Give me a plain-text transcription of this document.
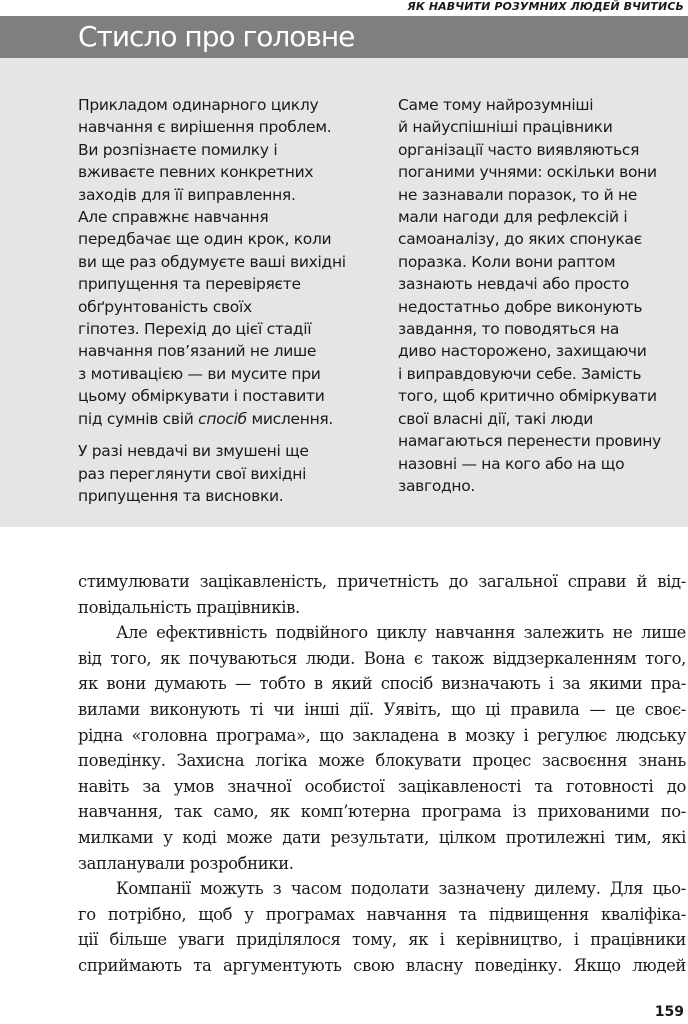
ЯК НАВЧИТИ РОЗУМНИХ ЛЮДЕЙ ВЧИТИСЬ
Стисло про головне
Прикладом одинарного циклу
навчання є вирішення проблем.
Ви розпізнаєте помилку і
вживаєте певних конкретних
заходів для її виправлення.
Але справжнє навчання
передбачає ще один крок, коли
ви ще раз обдумуєте ваші вихідні
припущення та перевіряєте
обґрунтованість своїх
гіпотез. Перехід до цієї стадії
навчання пов’язаний не лише
з мотивацією — ви мусите при
цьому обміркувати і поставити
під сумнів свій спосіб мислення.
У разі невдачі ви змушені ще
раз переглянути свої вихідні
припущення та висновки.
Саме тому найрозумніші
й найуспішніші працівники
організації часто виявляються
поганими учнями: оскільки вони
не зазнавали поразок, то й не
мали нагоди для рефлексій і
самоаналізу, до яких спонукає
поразка. Коли вони раптом
зазнають невдачі або просто
недостатньо добре виконують
завдання, то поводяться на
диво насторожено, захищаючи
і виправдовуючи себе. Замість
того, щоб критично обміркувати
свої власні дії, такі люди
намагаються перенести провину
назовні — на кого або на що
завгодно.
стимулювати зацікавленість, причетність до загальної справи й від-
повідальність працівників.
Але ефективність подвійного циклу навчання залежить не лише
від того, як почуваються люди. Вона є також віддзеркаленням того,
як вони думають — тобто в який спосіб визначають і за якими пра-
вилами виконують ті чи інші дії. Уявіть, що ці правила — це своє-
рідна «головна програма», що закладена в мозку і регулює людську
поведінку. Захисна логіка може блокувати процес засвоєння знань
навіть за умов значної особистої зацікавленості та готовності до
навчання, так само, як комп’ютерна програма із прихованими по-
милками у коді може дати результати, цілком протилежні тим, які
запланували розробники.
Компанії можуть з часом подолати зазначену дилему. Для цьо-
го потрібно, щоб у програмах навчання та підвищення кваліфіка-
ції більше уваги приділялося тому, як і керівництво, і працівники
сприймають та аргументують свою власну поведінку. Якщо людей
159
